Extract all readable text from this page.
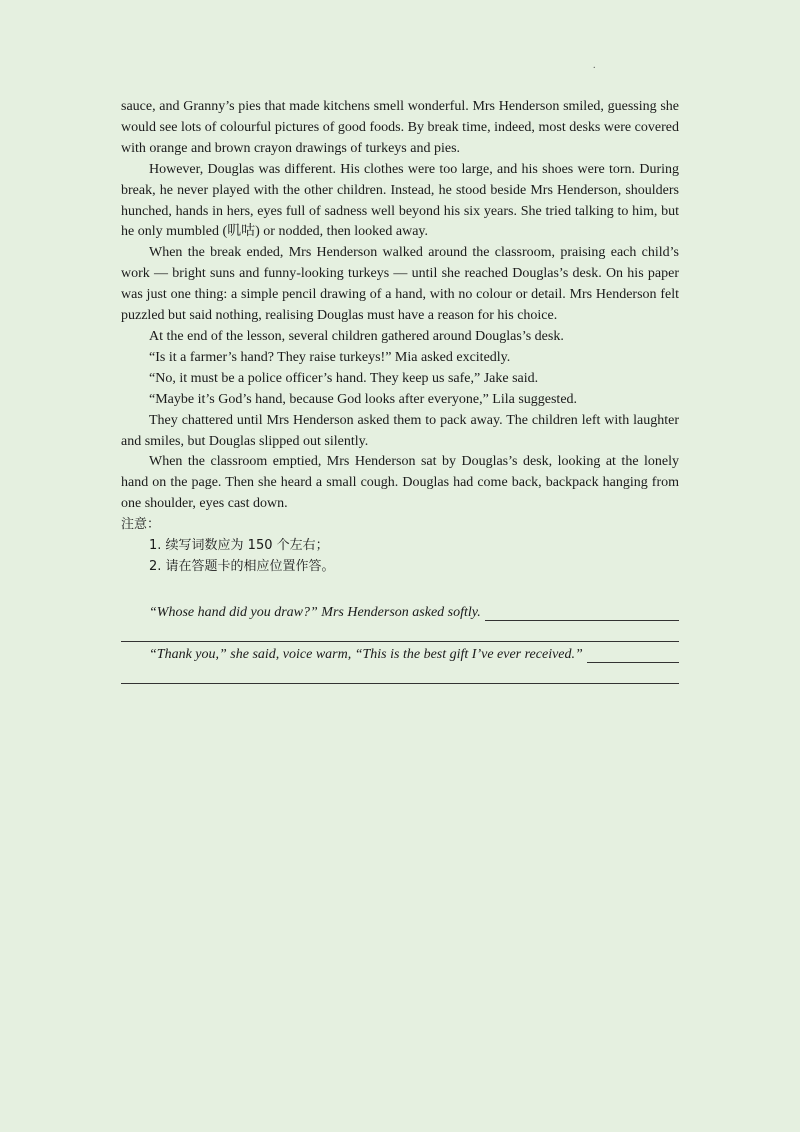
.

sauce, and Granny’s pies that made kitchens smell wonderful. Mrs Henderson smiled, guessing she would see lots of colourful pictures of good foods. By break time, indeed, most desks were covered with orange and brown crayon drawings of turkeys and pies.

However, Douglas was different. His clothes were too large, and his shoes were torn. During break, he never played with the other children. Instead, he stood beside Mrs Henderson, shoulders hunched, hands in hers, eyes full of sadness well beyond his six years. She tried talking to him, but he only mumbled (叽咕) or nodded, then looked away.

When the break ended, Mrs Henderson walked around the classroom, praising each child’s work — bright suns and funny-looking turkeys — until she reached Douglas’s desk. On his paper was just one thing: a simple pencil drawing of a hand, with no colour or detail. Mrs Henderson felt puzzled but said nothing, realising Douglas must have a reason for his choice.

At the end of the lesson, several children gathered around Douglas’s desk.

“Is it a farmer’s hand? They raise turkeys!” Mia asked excitedly.

“No, it must be a police officer’s hand. They keep us safe,” Jake said.

“Maybe it’s God’s hand, because God looks after everyone,” Lila suggested.

They chattered until Mrs Henderson asked them to pack away. The children left with laughter and smiles, but Douglas slipped out silently.

When the classroom emptied, Mrs Henderson sat by Douglas’s desk, looking at the lonely hand on the page. Then she heard a small cough. Douglas had come back, backpack hanging from one shoulder, eyes cast down.

注意：

1. 续写词数应为 150 个左右；

2. 请在答题卡的相应位置作答。

“Whose hand did you draw?” Mrs Henderson asked softly.
“Thank you,” she said, voice warm, “This is the best gift I’ve ever received.”
